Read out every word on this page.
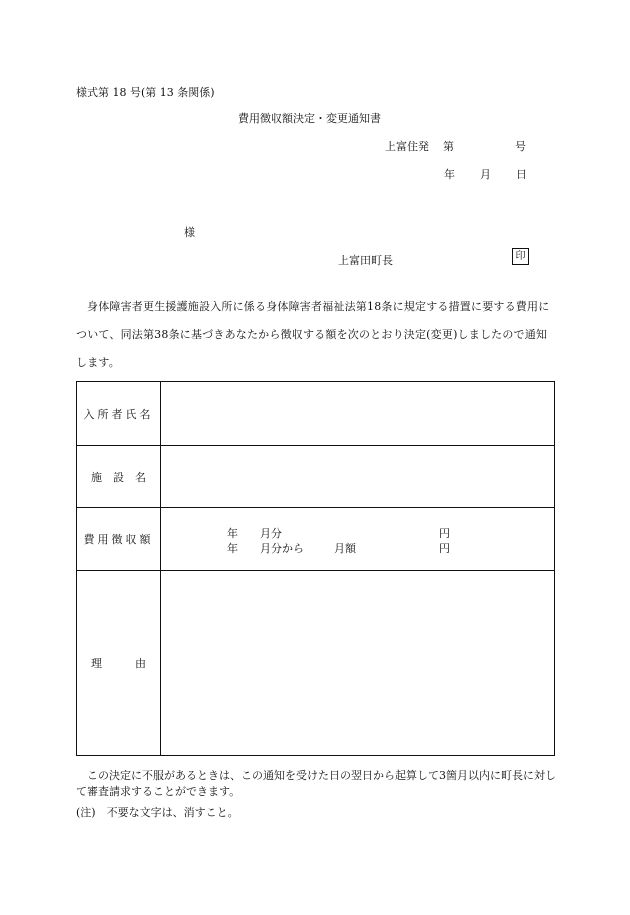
様式第 18 号(第 13 条関係)
費用徴収額決定・変更通知書
上富住発 第	号
年 月 日
様
上富田町長	印
身体障害者更生援護施設入所に係る身体障害者福祉法第18条に規定する措置に要する費用について、同法第38条に基づきあなたから徴収する額を次のとおり決定(変更)しましたので通知します。
入所者氏名
施　設　名
費用徴収額	年 月分	円
年 月分から	月額	円
理　　　由
この決定に不服があるときは、この通知を受けた日の翌日から起算して3箇月以内に町長に対して審査請求することができます。
(注)　不要な文字は、消すこと。
